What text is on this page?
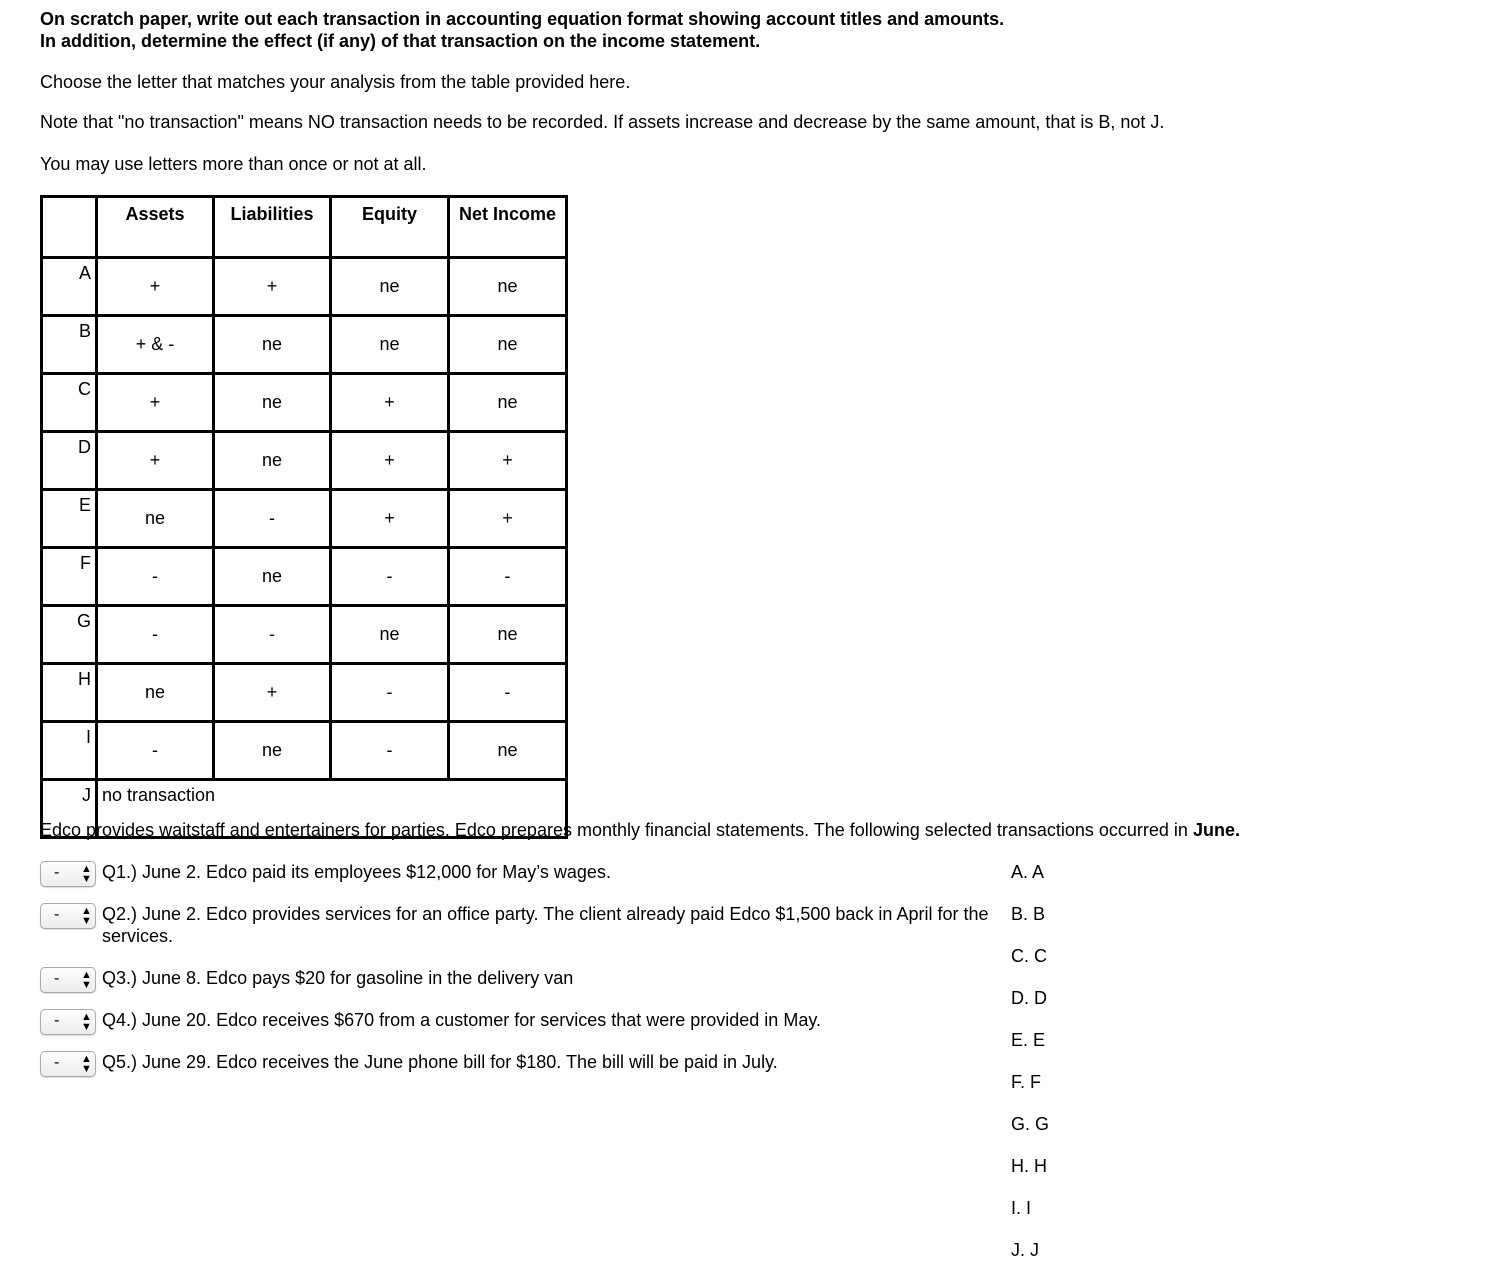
On scratch paper, write out each transaction in accounting equation format showing account titles and amounts.
In addition, determine the effect (if any) of that transaction on the income statement.
Choose the letter that matches your analysis from the table provided here.
Note that "no transaction" means NO transaction needs to be recorded. If assets increase and decrease by the same amount, that is B, not J.
You may use letters more than once or not at all.
	Assets	Liabilities	Equity	Net Income
A	+	+	ne	ne
B	+ & -	ne	ne	ne
C	+	ne	+	ne
D	+	ne	+	+
E	ne	-	+	+
F	-	ne	-	-
G	-	-	ne	ne
H	ne	+	-	-
I	-	ne	-	ne
J	no transaction			
Edco provides waitstaff and entertainers for parties. Edco prepares monthly financial statements. The following selected transactions occurred in June.
- ▲
▼ Q1.) June 2. Edco paid its employees $12,000 for May’s wages.
- ▲
▼ Q2.) June 2. Edco provides services for an office party. The client already paid Edco $1,500 back in April for the services.
- ▲
▼ Q3.) June 8. Edco pays $20 for gasoline in the delivery van
- ▲
▼ Q4.) June 20. Edco receives $670 from a customer for services that were provided in May.
- ▲
▼ Q5.) June 29. Edco receives the June phone bill for $180. The bill will be paid in July.
A. A
B. B
C. C
D. D
E. E
F. F
G. G
H. H
I. I
J. J
